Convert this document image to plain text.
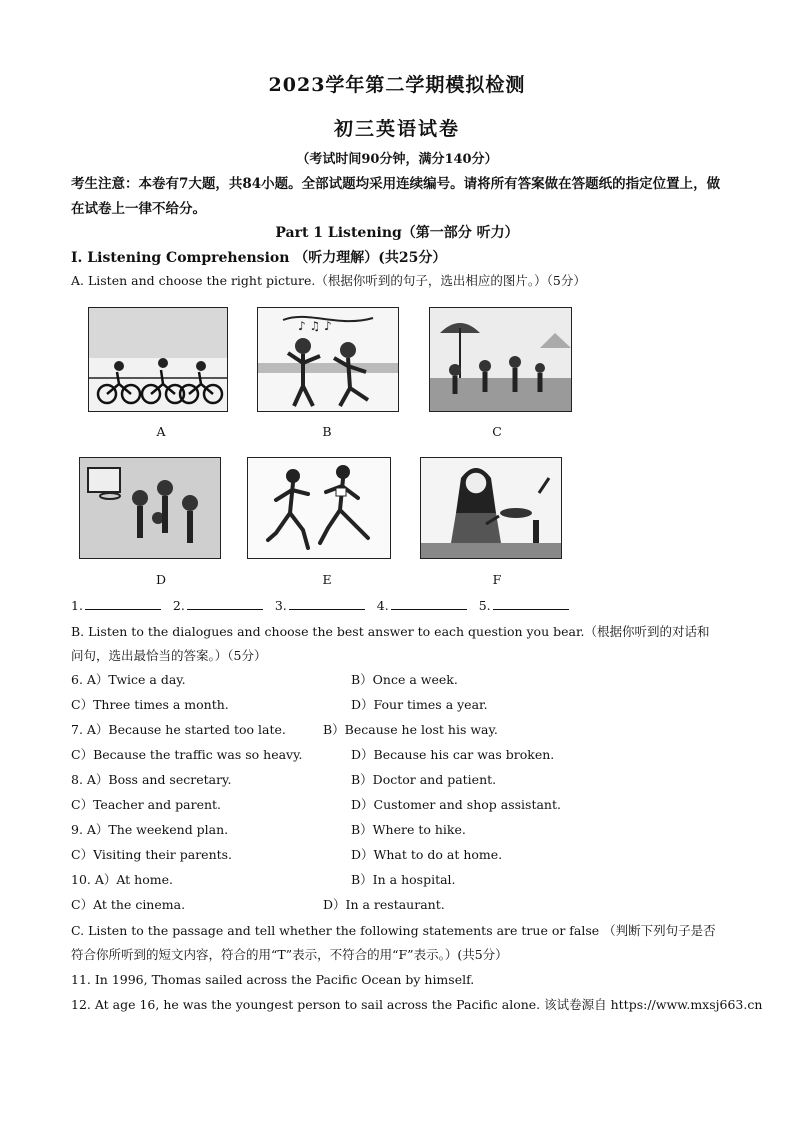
2023学年第二学期模拟检测
初三英语试卷
（考试时间90分钟，满分140分）
考生注意：本卷有7大题，共84小题。全部试题均采用连续编号。请将所有答案做在答题纸的指定位置上，做在试卷上一律不给分。
Part 1 Listening（第一部分 听力）
I. Listening Comprehension （听力理解）(共25分）
A. Listen and choose the right picture.（根据你听到的句子，选出相应的图片。）（5分）
A
♪ ♫ ♪
B	C
D	E	F
1.	2.	3.	4.	5.
B. Listen to the dialogues and choose the best answer to each question you bear.（根据你听到的对话和问句，选出最恰当的答案。）（5分）
6. A）Twice a day.	B）Once a week.
C）Three times a month.	D）Four times a year.
7. A）Because he started too late.	B）Because he lost his way.
C）Because the traffic was so heavy.	D）Because his car was broken.
8. A）Boss and secretary.	B）Doctor and patient.
C）Teacher and parent.	D）Customer and shop assistant.
9. A）The weekend plan.	B）Where to hike.
C）Visiting their parents.	D）What to do at home.
10. A）At home.	B）In a hospital.
C）At the cinema.	D）In a restaurant.
C. Listen to the passage and tell whether the following statements are true or false （判断下列句子是否符合你所听到的短文内容，符合的用“T”表示，不符合的用“F”表示。）(共5分）
11. In 1996, Thomas sailed across the Pacific Ocean by himself.
12. At age 16, he was the youngest person to sail across the Pacific alone. 该试卷源自 https://www.mxsj663.cn
